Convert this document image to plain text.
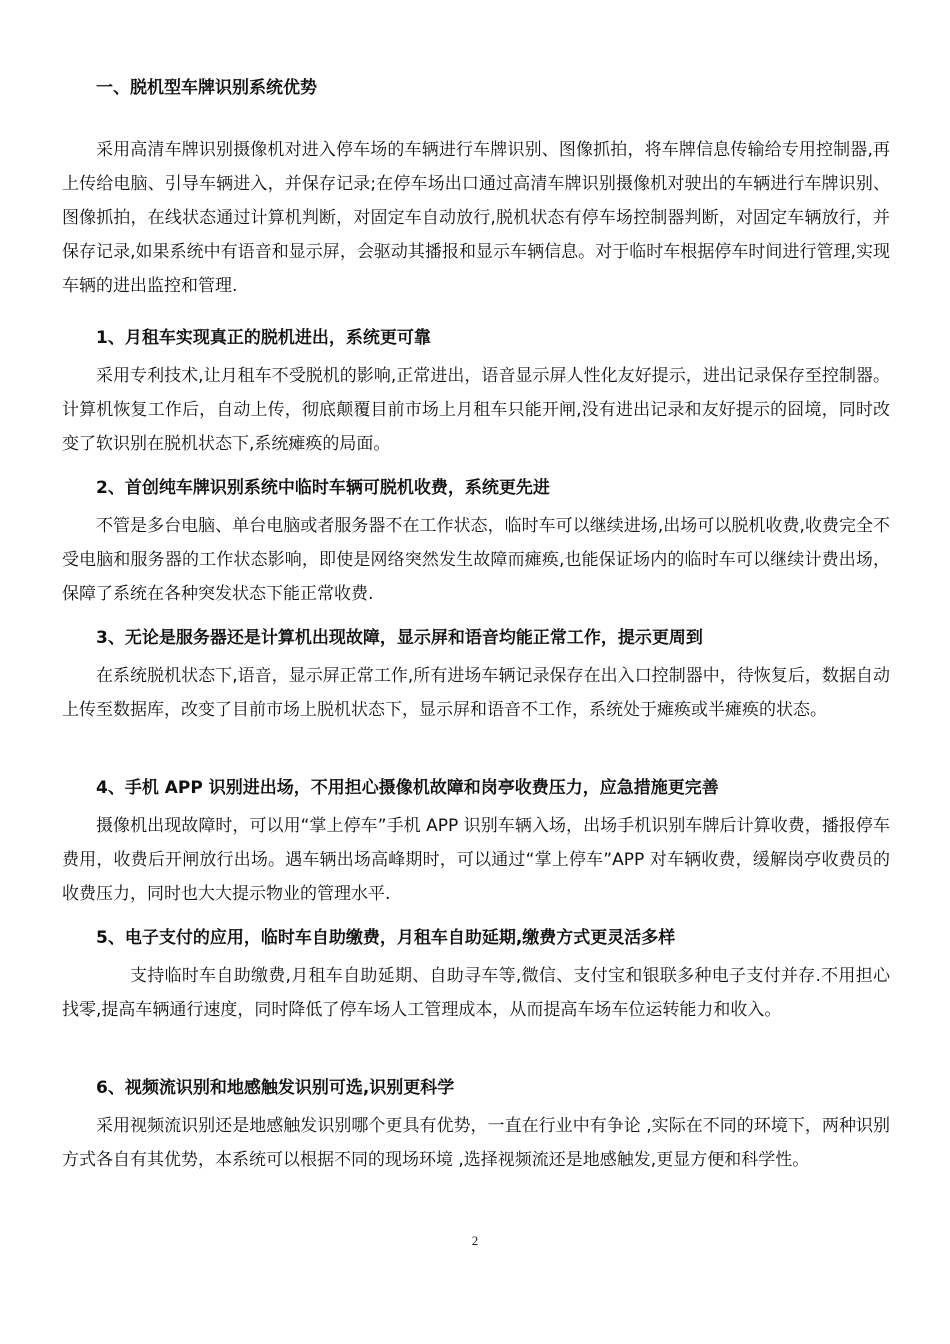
一、脱机型车牌识别系统优势

采用高清车牌识别摄像机对进入停车场的车辆进行车牌识别、图像抓拍，将车牌信息传输给专用控制器,再上传给电脑、引导车辆进入，并保存记录;在停车场出口通过高清车牌识别摄像机对驶出的车辆进行车牌识别、图像抓拍，在线状态通过计算机判断，对固定车自动放行,脱机状态有停车场控制器判断，对固定车辆放行，并保存记录,如果系统中有语音和显示屏，会驱动其播报和显示车辆信息。对于临时车根据停车时间进行管理,实现车辆的进出监控和管理.

1、月租车实现真正的脱机进出，系统更可靠

采用专利技术,让月租车不受脱机的影响,正常进出，语音显示屏人性化友好提示，进出记录保存至控制器。计算机恢复工作后，自动上传，彻底颠覆目前市场上月租车只能开闸,没有进出记录和友好提示的囧境，同时改变了软识别在脱机状态下,系统瘫痪的局面。

2、首创纯车牌识别系统中临时车辆可脱机收费，系统更先进

不管是多台电脑、单台电脑或者服务器不在工作状态，临时车可以继续进场,出场可以脱机收费,收费完全不受电脑和服务器的工作状态影响，即使是网络突然发生故障而瘫痪,也能保证场内的临时车可以继续计费出场，保障了系统在各种突发状态下能正常收费.

3、无论是服务器还是计算机出现故障，显示屏和语音均能正常工作，提示更周到

在系统脱机状态下,语音，显示屏正常工作,所有进场车辆记录保存在出入口控制器中，待恢复后，数据自动上传至数据库，改变了目前市场上脱机状态下，显示屏和语音不工作，系统处于瘫痪或半瘫痪的状态。

4、手机 APP 识别进出场，不用担心摄像机故障和岗亭收费压力，应急措施更完善

摄像机出现故障时，可以用“掌上停车”手机 APP 识别车辆入场，出场手机识别车牌后计算收费，播报停车费用，收费后开闸放行出场。遇车辆出场高峰期时，可以通过“掌上停车”APP 对车辆收费，缓解岗亭收费员的收费压力，同时也大大提示物业的管理水平.

5、电子支付的应用，临时车自助缴费，月租车自助延期,缴费方式更灵活多样

支持临时车自助缴费,月租车自助延期、自助寻车等,微信、支付宝和银联多种电子支付并存.不用担心找零,提高车辆通行速度，同时降低了停车场人工管理成本，从而提高车场车位运转能力和收入。

6、视频流识别和地感触发识别可选,识别更科学

采用视频流识别还是地感触发识别哪个更具有优势，一直在行业中有争论 ,实际在不同的环境下，两种识别方式各自有其优势，本系统可以根据不同的现场环境 ,选择视频流还是地感触发,更显方便和科学性。

2
